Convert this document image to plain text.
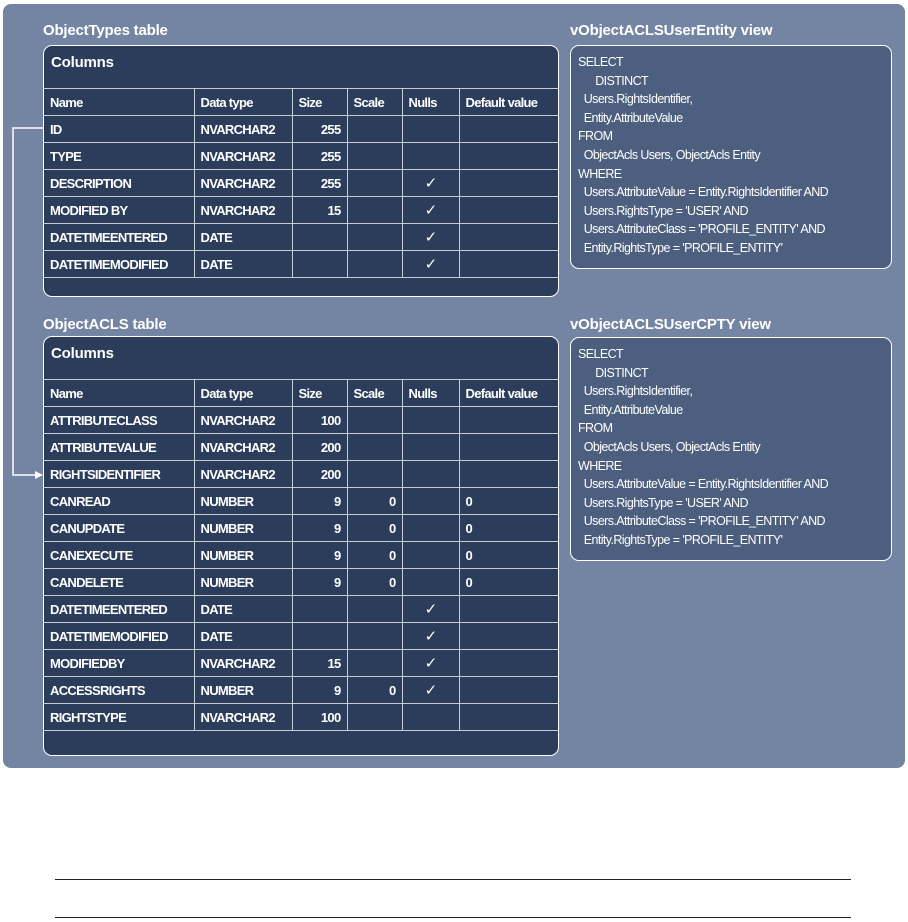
ObjectTypes table
Columns
Name	Data type	Size	Scale	Nulls	Default value
ID	NVARCHAR2	255			
TYPE	NVARCHAR2	255			
DESCRIPTION	NVARCHAR2	255		✓	
MODIFIED BY	NVARCHAR2	15		✓	
DATETIMEENTERED	DATE			✓	
DATETIMEMODIFIED	DATE			✓	
ObjectACLS table
Columns
Name	Data type	Size	Scale	Nulls	Default value
ATTRIBUTECLASS	NVARCHAR2	100			
ATTRIBUTEVALUE	NVARCHAR2	200			
RIGHTSIDENTIFIER	NVARCHAR2	200			
CANREAD	NUMBER	9	0		0
CANUPDATE	NUMBER	9	0		0
CANEXECUTE	NUMBER	9	0		0
CANDELETE	NUMBER	9	0		0
DATETIMEENTERED	DATE			✓	
DATETIMEMODIFIED	DATE			✓	
MODIFIEDBY	NVARCHAR2	15		✓	
ACCESSRIGHTS	NUMBER	9	0	✓	
RIGHTSTYPE	NVARCHAR2	100			
vObjectACLSUserEntity view
SELECT
DISTINCT
Users.RightsIdentifier,
Entity.AttributeValue
FROM
ObjectAcls Users, ObjectAcls Entity
WHERE
Users.AttributeValue = Entity.RightsIdentifier AND
Users.RightsType = 'USER' AND
Users.AttributeClass = 'PROFILE_ENTITY' AND
Entity.RightsType = 'PROFILE_ENTITY'
vObjectACLSUserCPTY view
SELECT
DISTINCT
Users.RightsIdentifier,
Entity.AttributeValue
FROM
ObjectAcls Users, ObjectAcls Entity
WHERE
Users.AttributeValue = Entity.RightsIdentifier AND
Users.RightsType = 'USER' AND
Users.AttributeClass = 'PROFILE_ENTITY' AND
Entity.RightsType = 'PROFILE_ENTITY'
